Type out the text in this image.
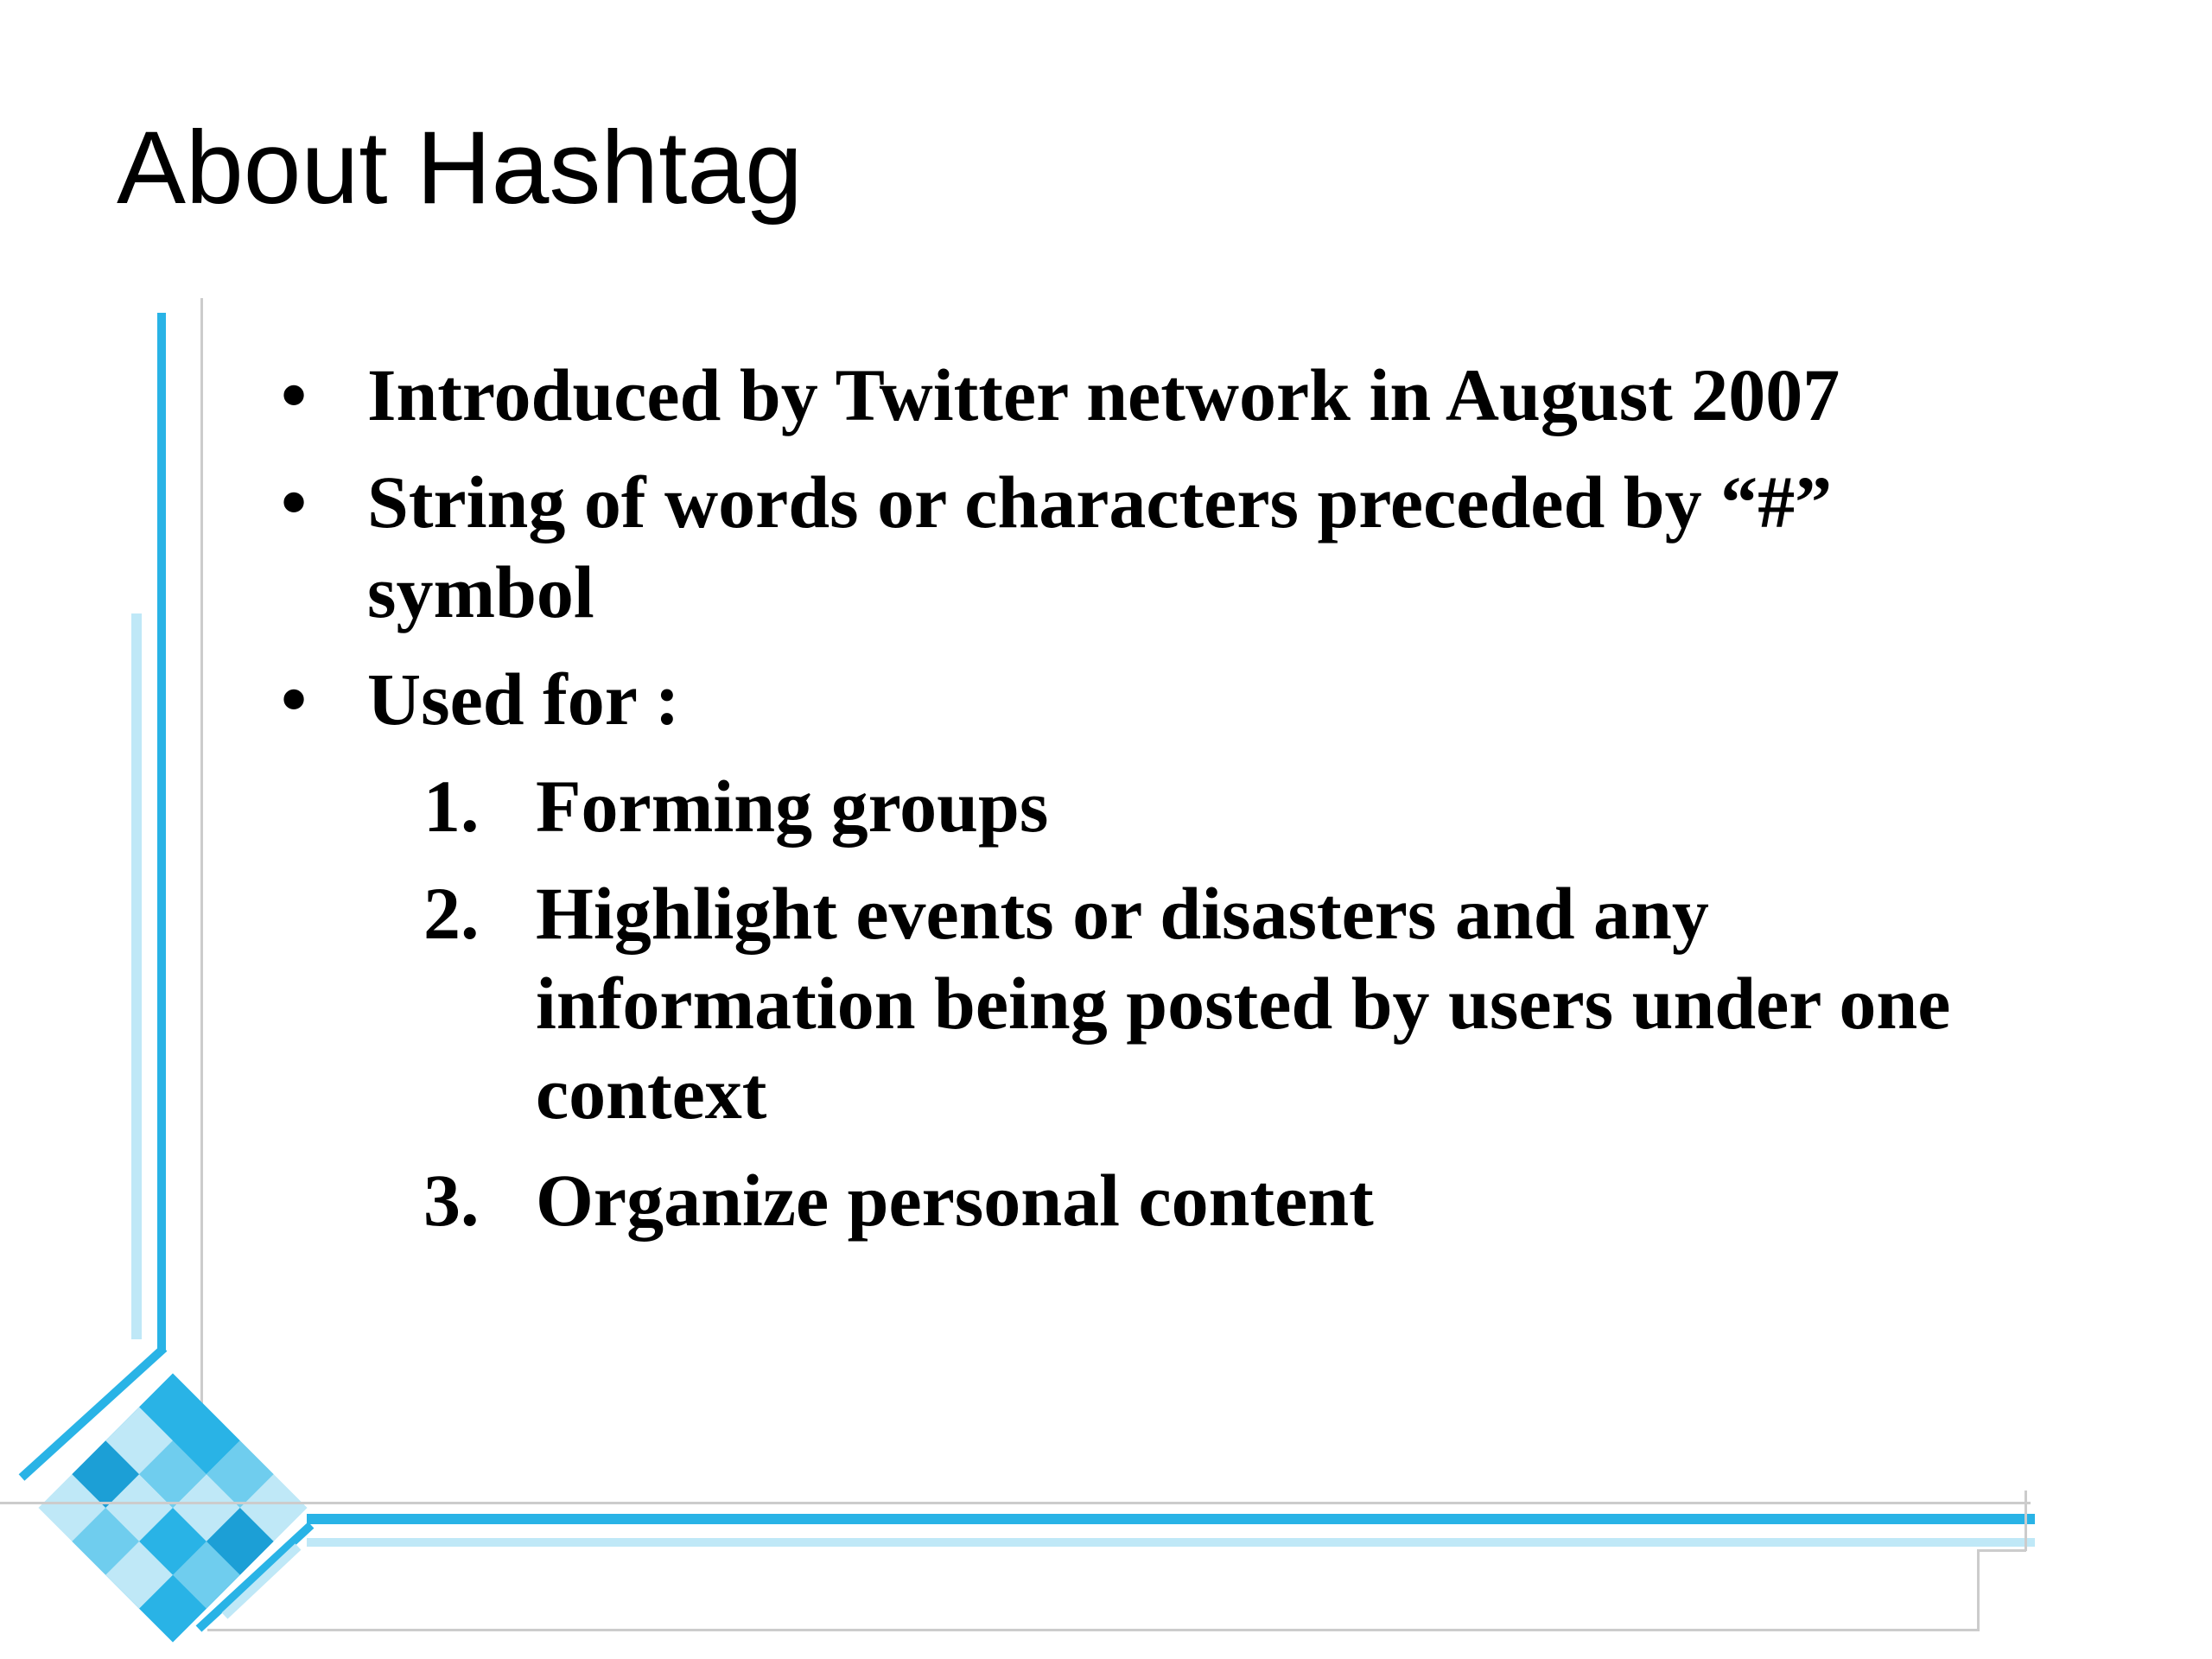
About Hashtag
• Introduced by Twitter network in August 2007
• String of words or characters preceded by “#” symbol
• Used for :
1. Forming groups
2. Highlight events or disasters and any information being posted by users under one context
3. Organize personal content
